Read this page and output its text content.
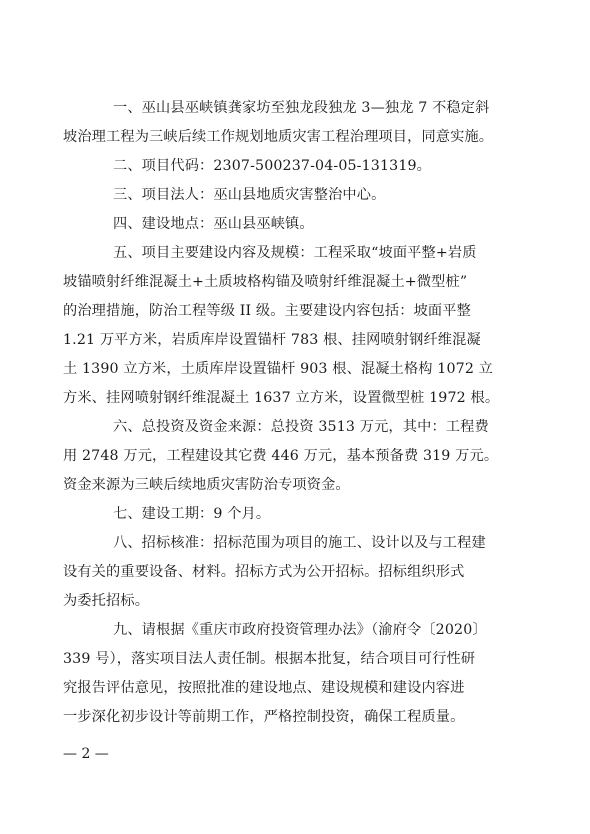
一、巫山县巫峡镇龚家坊至独龙段独龙 3—独龙 7 不稳定斜
坡治理工程为三峡后续工作规划地质灾害工程治理项目，同意实施。
二、项目代码：2307-500237-04-05-131319。
三、项目法人：巫山县地质灾害整治中心。
四、建设地点：巫山县巫峡镇。
五、项目主要建设内容及规模：工程采取“坡面平整+岩质
坡锚喷射纤维混凝土+土质坡格构锚及喷射纤维混凝土+微型桩”
的治理措施，防治工程等级 II 级。主要建设内容包括：坡面平整
1.21 万平方米，岩质库岸设置锚杆 783 根、挂网喷射钢纤维混凝
土 1390 立方米，土质库岸设置锚杆 903 根、混凝土格构 1072 立
方米、挂网喷射钢纤维混凝土 1637 立方米，设置微型桩 1972 根。
六、总投资及资金来源：总投资 3513 万元，其中：工程费
用 2748 万元，工程建设其它费 446 万元，基本预备费 319 万元。
资金来源为三峡后续地质灾害防治专项资金。
七、建设工期：9 个月。
八、招标核准：招标范围为项目的施工、设计以及与工程建
设有关的重要设备、材料。招标方式为公开招标。招标组织形式
为委托招标。
九、请根据《重庆市政府投资管理办法》（渝府令〔2020〕
339 号），落实项目法人责任制。根据本批复，结合项目可行性研
究报告评估意见，按照批准的建设地点、建设规模和建设内容进
一步深化初步设计等前期工作，严格控制投资，确保工程质量。
— 2 —
